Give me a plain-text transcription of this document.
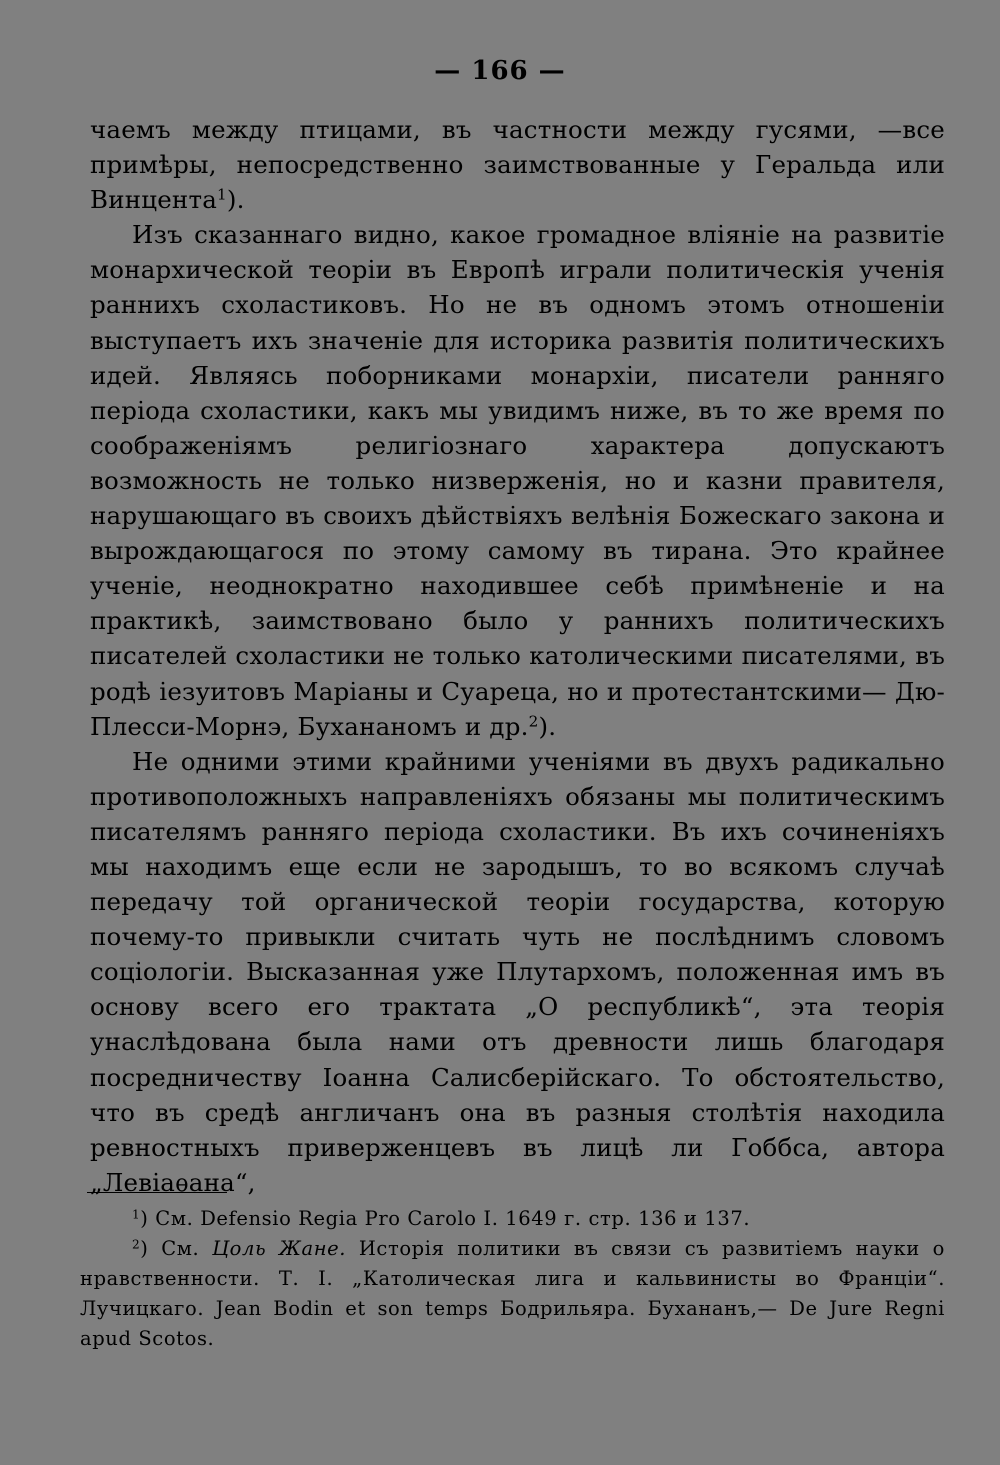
— 166 —

чаемъ между птицами, въ частности между гусями, —все примѣры, непосредственно заимствованные у Геральда или Винцента$^1$).

Изъ сказаннаго видно, какое громадное вліяніе на развитіе монархической теоріи въ Европѣ играли политическія ученія раннихъ схоластиковъ. Но не въ одномъ этомъ отношеніи выступаетъ ихъ значеніе для историка развитія политическихъ идей. Являясь поборниками монархіи, писатели ранняго періода схоластики, какъ мы увидимъ ниже, въ то же время по соображеніямъ религіознаго характера допускаютъ возможность не только низверженія, но и казни правителя, нарушающаго въ своихъ дѣйствіяхъ велѣнія Божескаго закона и вырождающагося по этому самому въ тирана. Это крайнее ученіе, неоднократно находившее себѣ примѣненіе и на практикѣ, заимствовано было у раннихъ политическихъ писателей схоластики не только католическими писателями, въ родѣ іезуитовъ Маріаны и Суареца, но и протестантскими— Дю-Плесси-Морнэ, Бухананомъ и др.$^2$).

Не одними этими крайними ученіями въ двухъ радикально противоположныхъ направленіяхъ обязаны мы политическимъ писателямъ ранняго періода схоластики. Въ ихъ сочиненіяхъ мы находимъ еще если не зародышъ, то во всякомъ случаѣ передачу той органической теоріи государства, которую почему-то привыкли считать чуть не послѣднимъ словомъ соціологіи. Высказанная уже Плутархомъ, положенная имъ въ основу всего его трактата „О республикѣ“, эта теорія унаслѣдована была нами отъ древности лишь благодаря посредничеству Іоанна Салисберійскаго. То обстоятельство, что въ средѣ англичанъ она въ разныя столѣтія находила ревностныхъ приверженцевъ въ лицѣ ли Гоббса, автора „Левіаѳана“,

$^1$) См. Defensio Regia Pro Carolo I. 1649 г. стр. 136 и 137.

$^2$) См. Цоль Жане. Исторія политики въ связи съ развитіемъ науки о нравственности. Т. I. „Католическая лига и кальвинисты во Франціи“. Лучицкаго. Jean Bodin et son temps Бодрильяра. Бухананъ,— De Jure Regni apud Scotos.
